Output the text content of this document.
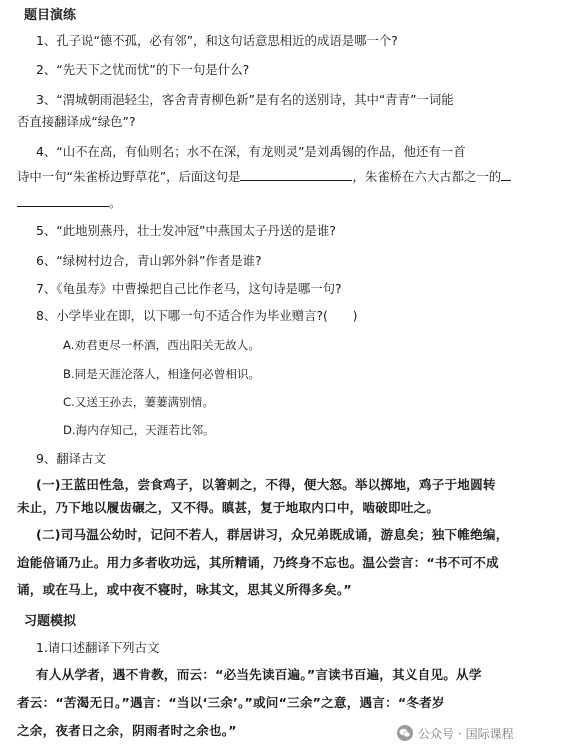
题目演练
1、孔子说“德不孤，必有邻”，和这句话意思相近的成语是哪一个?
2、“先天下之忧而忧”的下一句是什么?
3、“渭城朝雨浥轻尘，客舍青青柳色新”是有名的送别诗，其中“青青”一词能
否直接翻译成“绿色”?
4、“山不在高，有仙则名；水不在深，有龙则灵”是刘禹锡的作品，他还有一首
诗中一句“朱雀桥边野草花”，后面这句是	，朱雀桥在六大古都之一的
。
5、“此地别燕丹，壮士发冲冠”中燕国太子丹送的是谁?
6、“绿树村边合，青山郭外斜”作者是谁?
7、《龟虽寿》中曹操把自己比作老马，这句诗是哪一句?
8、小学毕业在即，以下哪一句不适合作为毕业赠言?(　　)
A.劝君更尽一杯酒，西出阳关无故人。
B.同是天涯沦落人，相逢何必曾相识。
C.又送王孙去，萋萋满别情。
D.海内存知己，天涯若比邻。
9、翻译古文
(一)王蓝田性急，尝食鸡子，以箸刺之，不得，便大怒。举以掷地，鸡子于地圆转
未止，乃下地以履齿碾之，又不得。瞋甚，复于地取内口中，啮破即吐之。
(二)司马温公幼时，记问不若人，群居讲习，众兄弟既成诵，游息矣；独下帷绝编，
迨能倍诵乃止。用力多者收功远，其所精诵，乃终身不忘也。温公尝言：“书不可不成
诵，或在马上，或中夜不寝时，咏其文，思其义所得多矣。”
习题模拟
1.请口述翻译下列古文
有人从学者，遇不肯教，而云：“必当先读百遍。”言读书百遍，其义自见。从学
者云：“苦渴无日。”遇言：“当以‘三余’。”或问“三余”之意，遇言：“冬者岁
之余，夜者日之余，阴雨者时之余也。”	公众号 · 国际课程
